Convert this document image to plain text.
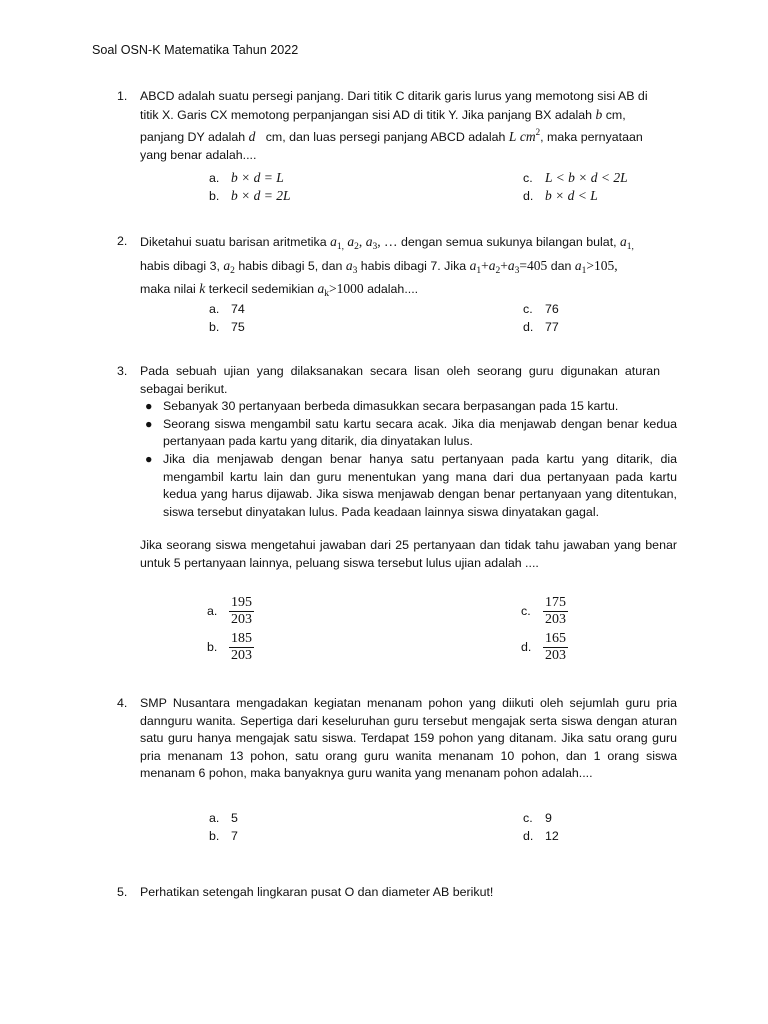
Soal OSN-K Matematika Tahun 2022
1. ABCD adalah suatu persegi panjang. Dari titik C ditarik garis lurus yang memotong sisi AB di
titik X. Garis CX memotong perpanjangan sisi AD di titik Y. Jika panjang BX adalah b cm,
panjang DY adalah d cm, dan luas persegi panjang ABCD adalah L $cm^2$, maka pernyataan
yang benar adalah....
a. b × d = L
b. b × d = 2L
c. L < b × d < 2L
d. b × d < L
2. Diketahui suatu barisan aritmetika $a_{1,}$ $a_2$, $a_3$, … dengan semua sukunya bilangan bulat, $a_{1,}$
habis dibagi 3, $a_2$ habis dibagi 5, dan $a_3$ habis dibagi 7. Jika $a_1+a_2+a_3=405$ dan $a_1>105$,
maka nilai k terkecil sedemikian $a_k>1000$ adalah....
a. 74
b. 75
c. 76
d. 77
3. Pada sebuah ujian yang dilaksanakan secara lisan oleh seorang guru digunakan aturan sebagai berikut.
● Sebanyak 30 pertanyaan berbeda dimasukkan secara berpasangan pada 15 kartu.
● Seorang siswa mengambil satu kartu secara acak. Jika dia menjawab dengan benar kedua      pertanyaan pada kartu yang ditarik, dia dinyatakan lulus.
● Jika dia menjawab dengan benar hanya satu pertanyaan pada kartu yang ditarik, dia mengambil kartu lain dan guru menentukan yang mana dari dua pertanyaan pada kartu kedua yang harus dijawab. Jika siswa menjawab dengan benar pertanyaan yang ditentukan, siswa tersebut dinyatakan lulus. Pada keadaan lainnya siswa dinyatakan gagal.
Jika seorang siswa mengetahui jawaban dari 25 pertanyaan dan tidak tahu jawaban yang benar untuk 5 pertanyaan lainnya, peluang siswa tersebut lulus ujian adalah ....
a. $\frac{195}{203}$
b. $\frac{185}{203}$
c. $\frac{175}{203}$
d. $\frac{165}{203}$
4. SMP Nusantara mengadakan kegiatan menanam pohon yang diikuti oleh sejumlah guru pria dannguru wanita. Sepertiga dari keseluruhan guru tersebut mengajak serta siswa dengan aturan satu guru hanya mengajak satu siswa. Terdapat 159 pohon yang ditanam. Jika satu orang guru pria menanam 13 pohon, satu orang guru wanita menanam 10 pohon, dan 1 orang siswa menanam 6 pohon, maka banyaknya guru wanita yang menanam pohon adalah....
a. 5
b. 7
c. 9
d. 12
5. Perhatikan setengah lingkaran pusat O dan diameter AB berikut!
